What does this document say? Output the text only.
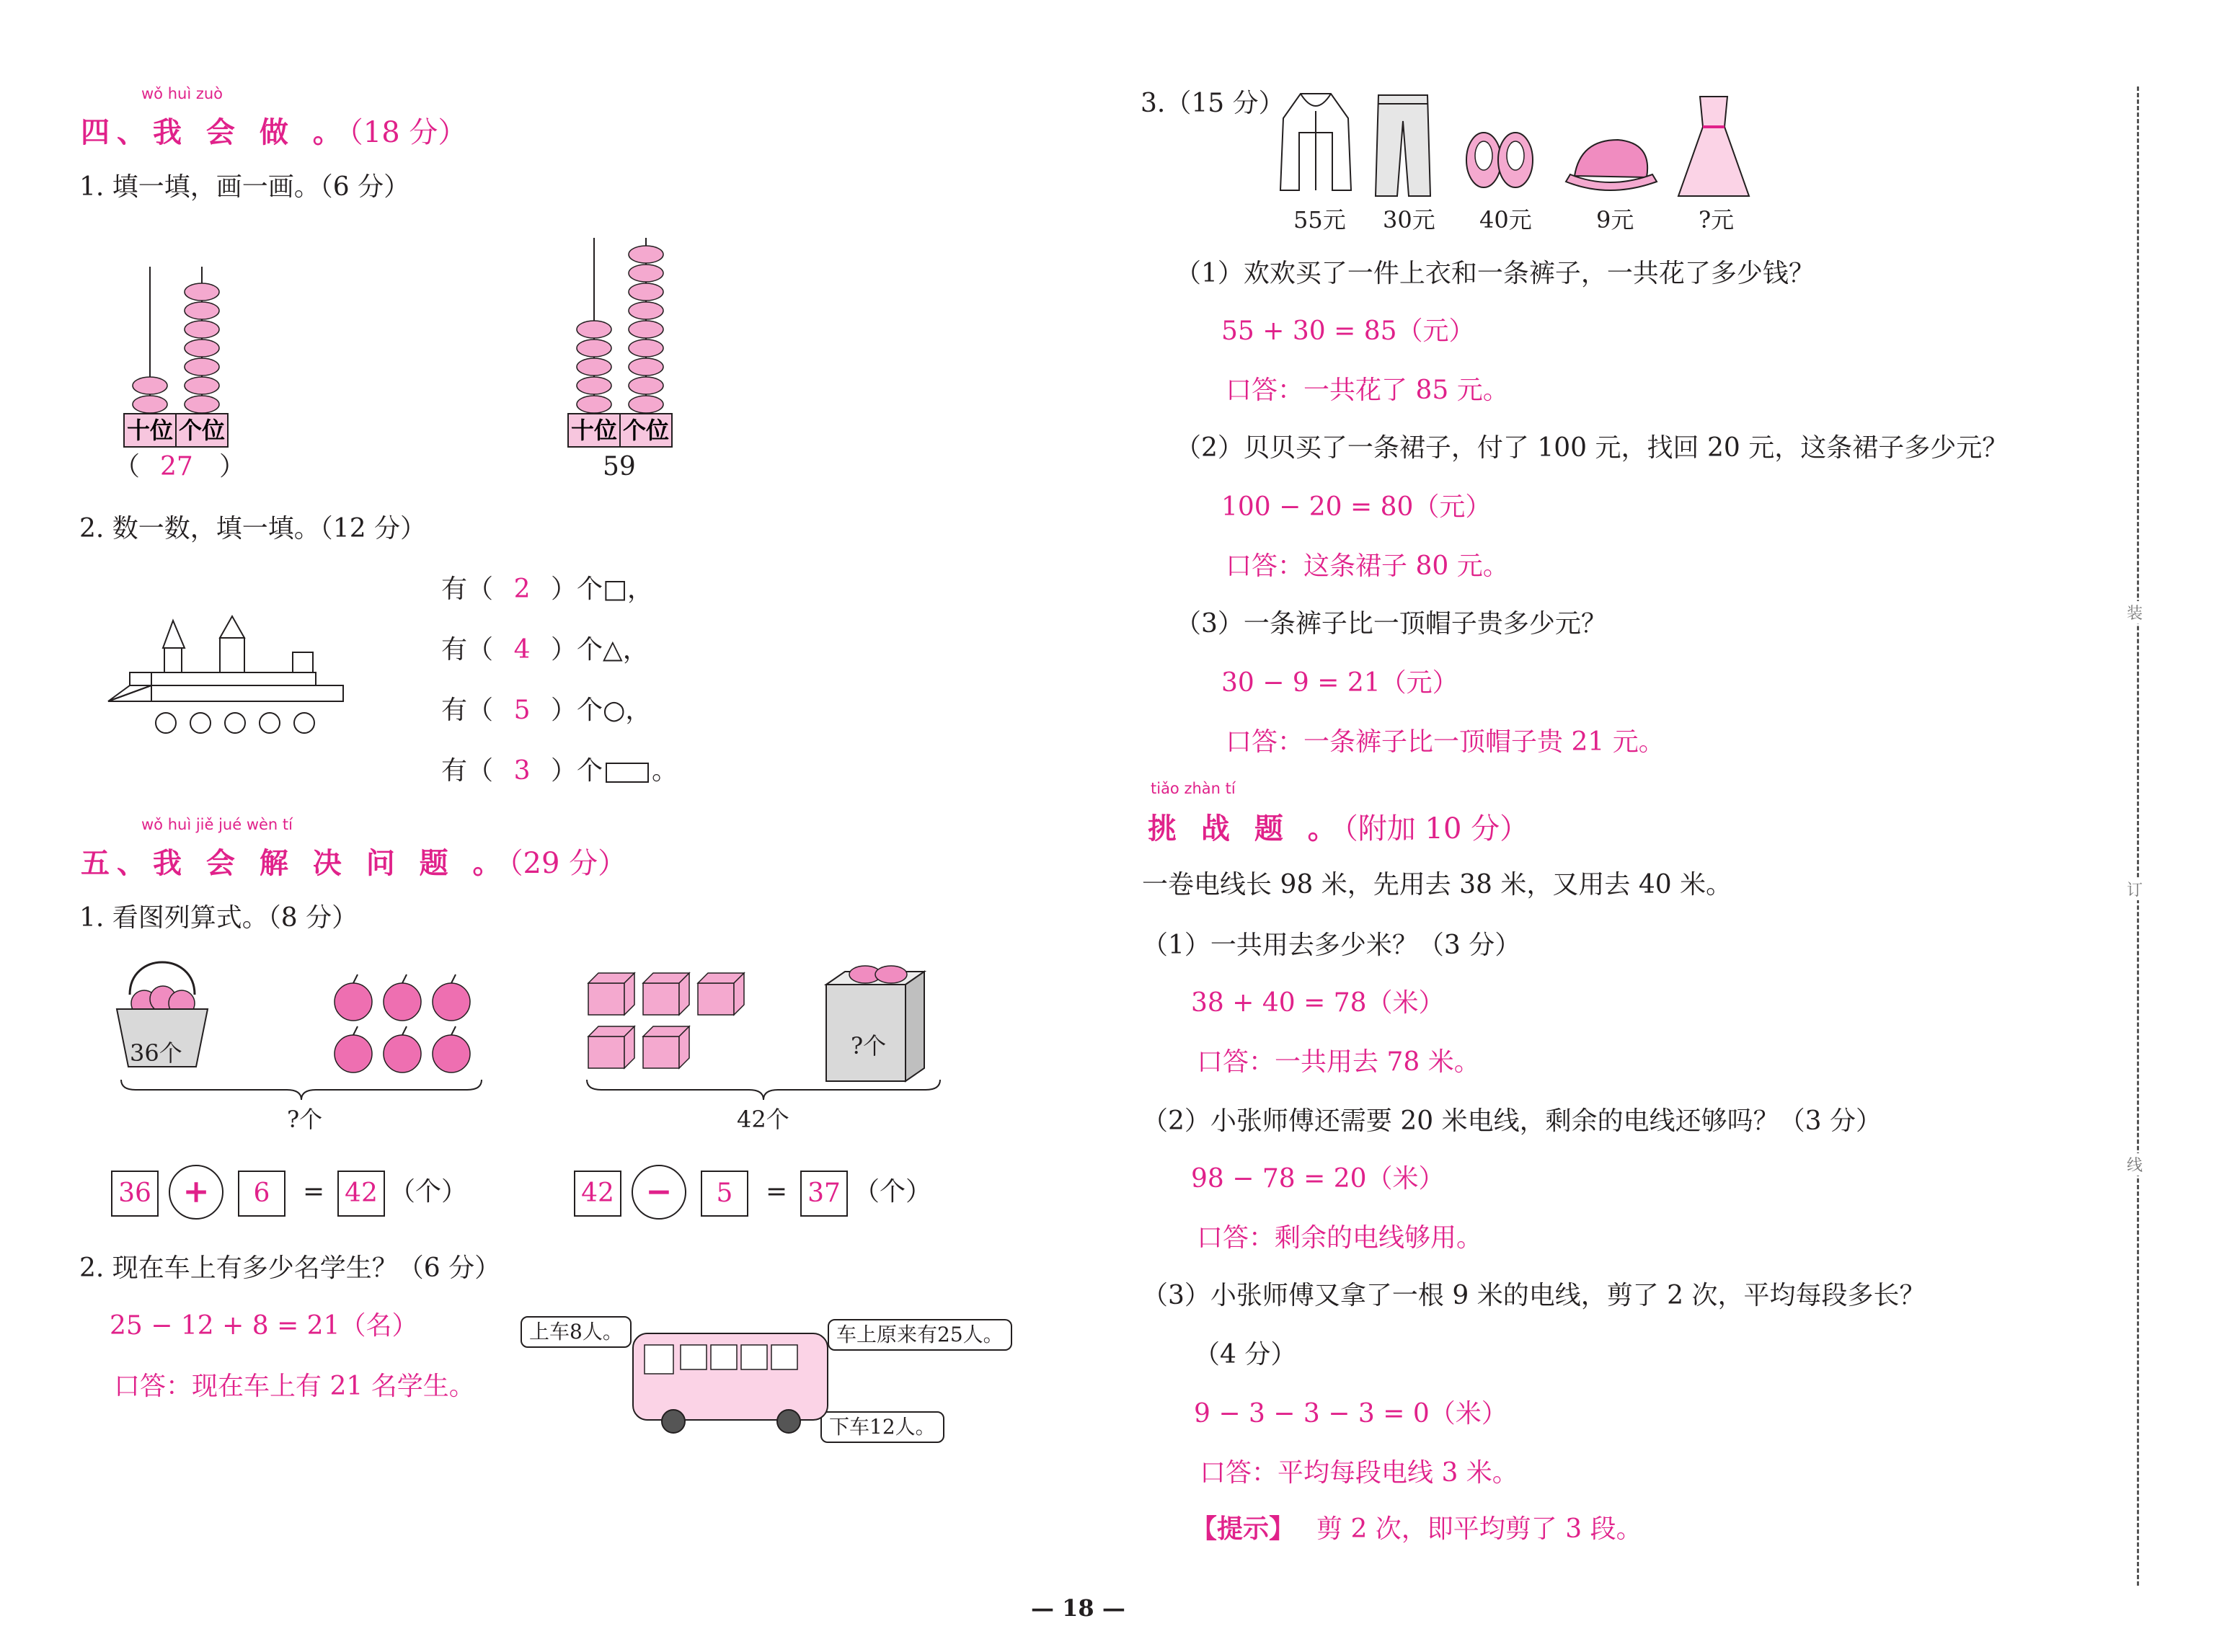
wǒ huì zuò
四、我 会 做 。（18 分）
1. 填一填，画一画。（6 分）
十位 个位
（ 27 ）
十位 个位
59
2. 数一数，填一填。（12 分）
有（ 2 ）个□，
有（ 4 ）个△，
有（ 5 ）个○，
有（ 3 ）个 。
wǒ huì jiě jué wèn tí
五、我 会 解 决 问 题 。（29 分）
1. 看图列算式。（8 分）
36个
?个
?个
42个
36 +	6	= 42 （个）	42 −	5	= 37 （个）
2. 现在车上有多少名学生？（6 分）
25 − 12 + 8 = 21（名）
口答：现在车上有 21 名学生。
上车8人。	车上原来有25人。
下车12人。
3.（15 分）
55元 30元 40元	9元	?元
（1）欢欢买了一件上衣和一条裤子，一共花了多少钱？
55 + 30 = 85（元）
口答：一共花了 85 元。
（2）贝贝买了一条裙子，付了 100 元，找回 20 元，这条裙子多少元？
100 − 20 = 80（元）
口答：这条裙子 80 元。
（3）一条裤子比一顶帽子贵多少元？
30 − 9 = 21（元）
口答：一条裤子比一顶帽子贵 21 元。
tiǎo zhàn tí
挑 战 题 。（附加 10 分）
一卷电线长 98 米，先用去 38 米，又用去 40 米。
（1）一共用去多少米？（3 分）
38 + 40 = 78（米）
口答：一共用去 78 米。
（2）小张师傅还需要 20 米电线，剩余的电线还够吗？（3 分）
98 − 78 = 20（米）
口答：剩余的电线够用。
（3）小张师傅又拿了一根 9 米的电线，剪了 2 次，平均每段多长？
（4 分）
9 − 3 − 3 − 3 = 0（米）
口答：平均每段电线 3 米。
【提示】 剪 2 次，即平均剪了 3 段。
装
订
线
— 18 —
